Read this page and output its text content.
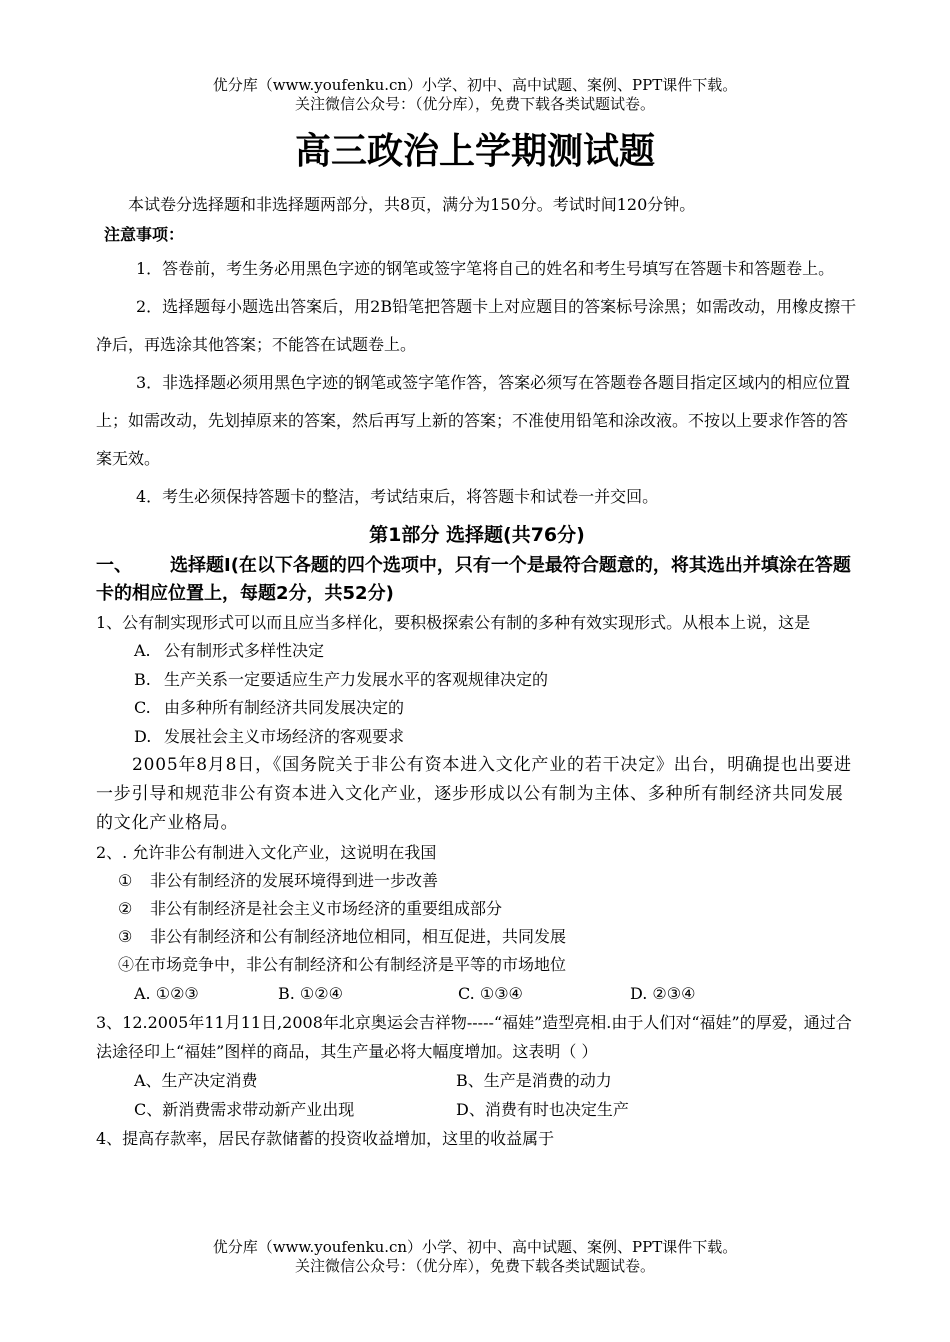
优分库（www.youfenku.cn）小学、初中、高中试题、案例、PPT课件下载。
关注微信公众号：（优分库），免费下载各类试题试卷。
高三政治上学期测试题

本试卷分选择题和非选择题两部分，共8页，满分为150分。考试时间120分钟。

注意事项：

1．答卷前，考生务必用黑色字迹的钢笔或签字笔将自己的姓名和考生号填写在答题卡和答题卷上。

2．选择题每小题选出答案后，用2B铅笔把答题卡上对应题目的答案标号涂黑；如需改动，用橡皮擦干净后，再选涂其他答案；不能答在试题卷上。

3．非选择题必须用黑色字迹的钢笔或签字笔作答，答案必须写在答题卷各题目指定区域内的相应位置上；如需改动，先划掉原来的答案，然后再写上新的答案；不准使用铅笔和涂改液。不按以上要求作答的答案无效。

4．考生必须保持答题卡的整洁，考试结束后，将答题卡和试卷一并交回。

第1部分 选择题(共76分)
一、 选择题I(在以下各题的四个选项中，只有一个是最符合题意的，将其选出并填涂在答题卡的相应位置上，每题2分，共52分)
1、公有制实现形式可以而且应当多样化，要积极探索公有制的多种有效实现形式。从根本上说，这是
A. 公有制形式多样性决定
B. 生产关系一定要适应生产力发展水平的客观规律决定的
C. 由多种所有制经济共同发展决定的
D. 发展社会主义市场经济的客观要求

2005年8月8日，《国务院关于非公有资本进入文化产业的若干决定》出台，明确提也出要进一步引导和规范非公有资本进入文化产业，逐步形成以公有制为主体、多种所有制经济共同发展的文化产业格局。

2、. 允许非公有制进入文化产业，这说明在我国
① 非公有制经济的发展环境得到进一步改善
② 非公有制经济是社会主义市场经济的重要组成部分
③ 非公有制经济和公有制经济地位相同，相互促进，共同发展
④在市场竞争中，非公有制经济和公有制经济是平等的市场地位
A. ①②③	B. ①②④	C. ①③④	D. ②③④
3、12.2005年11月11日,2008年北京奥运会吉祥物-----“福娃”造型亮相.由于人们对“福娃”的厚爱，通过合法途径印上“福娃”图样的商品，其生产量必将大幅度增加。这表明（ ）
A、生产决定消费	B、生产是消费的动力
C、新消费需求带动新产业出现	D、消费有时也决定生产
4、提高存款率，居民存款储蓄的投资收益增加，这里的收益属于
优分库（www.youfenku.cn）小学、初中、高中试题、案例、PPT课件下载。
关注微信公众号：（优分库），免费下载各类试题试卷。
